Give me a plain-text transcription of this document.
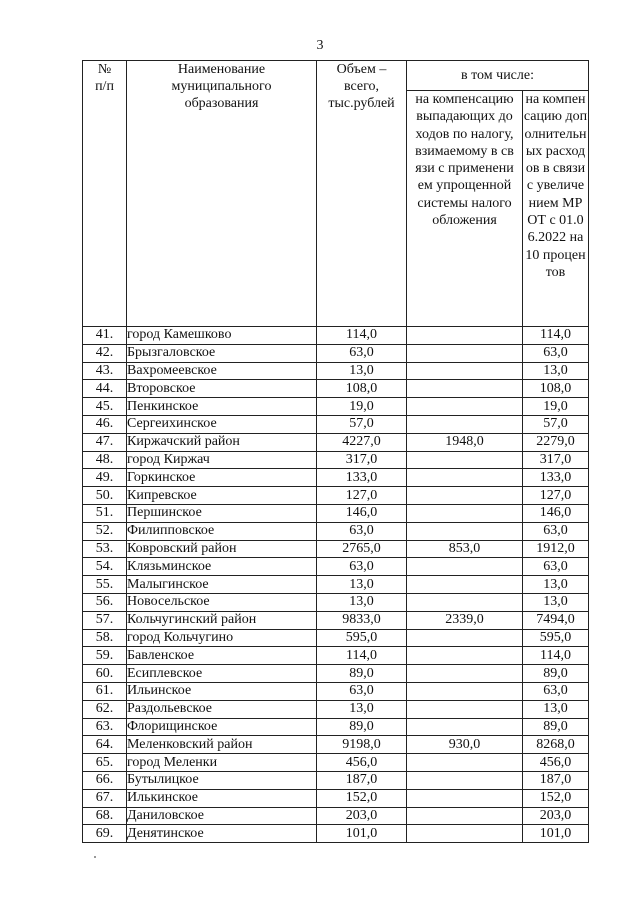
3
№ п/п	Наименование муниципального образования	Объем – всего, тыс.рублей	в том числе:	

			на компенсацию выпадающих доходов по налогу, взимаемому в связи с применением упрощенной системы налогообложения	на компенсацию дополнительных расходов в связи с увеличением МРОТ с 01.06.2022 на 10 процентов

41.	город Камешково	114,0		114,0
42.	Брызгаловское	63,0		63,0
43.	Вахромеевское	13,0		13,0
44.	Второвское	108,0		108,0
45.	Пенкинское	19,0		19,0
46.	Сергеихинское	57,0		57,0
47.	Киржачский район	4227,0	1948,0	2279,0
48.	город Киржач	317,0		317,0
49.	Горкинское	133,0		133,0
50.	Кипревское	127,0		127,0
51.	Першинское	146,0		146,0
52.	Филипповское	63,0		63,0
53.	Ковровский район	2765,0	853,0	1912,0
54.	Клязьминское	63,0		63,0
55.	Малыгинское	13,0		13,0
56.	Новосельское	13,0		13,0
57.	Кольчугинский район	9833,0	2339,0	7494,0
58.	город Кольчугино	595,0		595,0
59.	Бавленское	114,0		114,0
60.	Есиплевское	89,0		89,0
61.	Ильинское	63,0		63,0
62.	Раздольевское	13,0		13,0
63.	Флорищинское	89,0		89,0
64.	Меленковский район	9198,0	930,0	8268,0
65.	город Меленки	456,0		456,0
66.	Бутылицкое	187,0		187,0
67.	Илькинское	152,0		152,0
68.	Даниловское	203,0		203,0
69.	Денятинское	101,0		101,0
